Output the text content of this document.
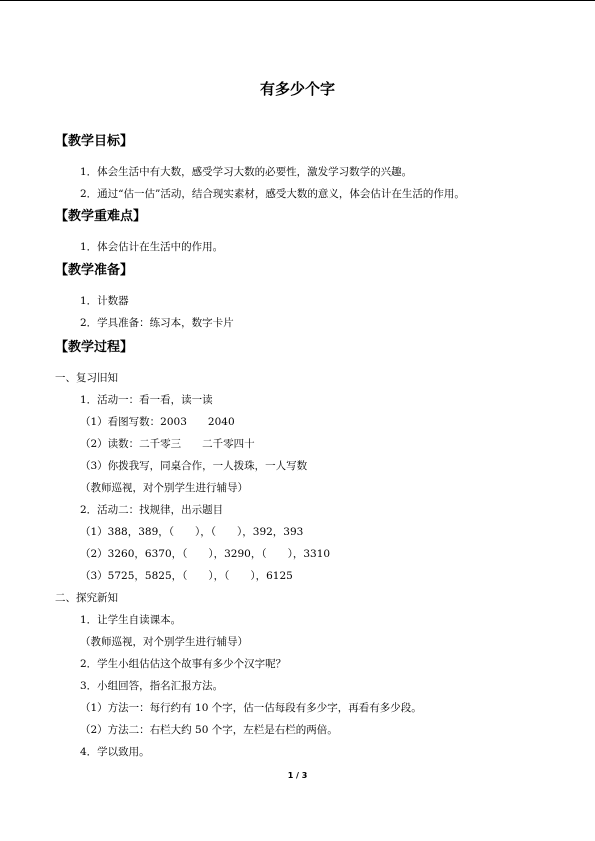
有多少个字
【教学目标】
1．体会生活中有大数，感受学习大数的必要性，激发学习数学的兴趣。
2．通过“估一估”活动，结合现实素材，感受大数的意义，体会估计在生活的作用。
【教学重难点】
1．体会估计在生活中的作用。
【教学准备】
1．计数器
2．学具准备：练习本，数字卡片
【教学过程】
一、复习旧知
1．活动一：看一看，读一读
（1）看图写数：2003　　2040
（2）读数：二千零三　　二千零四十
（3）你拨我写，同桌合作，一人拨珠，一人写数
（教师巡视，对个别学生进行辅导）
2．活动二：找规律，出示题目
（1）388，389，（　　），（　　），392，393
（2）3260，6370，（　　），3290，（　　），3310
（3）5725，5825，（　　），（　　），6125
二、探究新知
1．让学生自读课本。
（教师巡视，对个别学生进行辅导）
2．学生小组估估这个故事有多少个汉字呢？
3．小组回答，指名汇报方法。
（1）方法一：每行约有 10 个字，估一估每段有多少字，再看有多少段。
（2）方法二：右栏大约 50 个字，左栏是右栏的两倍。
4．学以致用。
1 / 3
